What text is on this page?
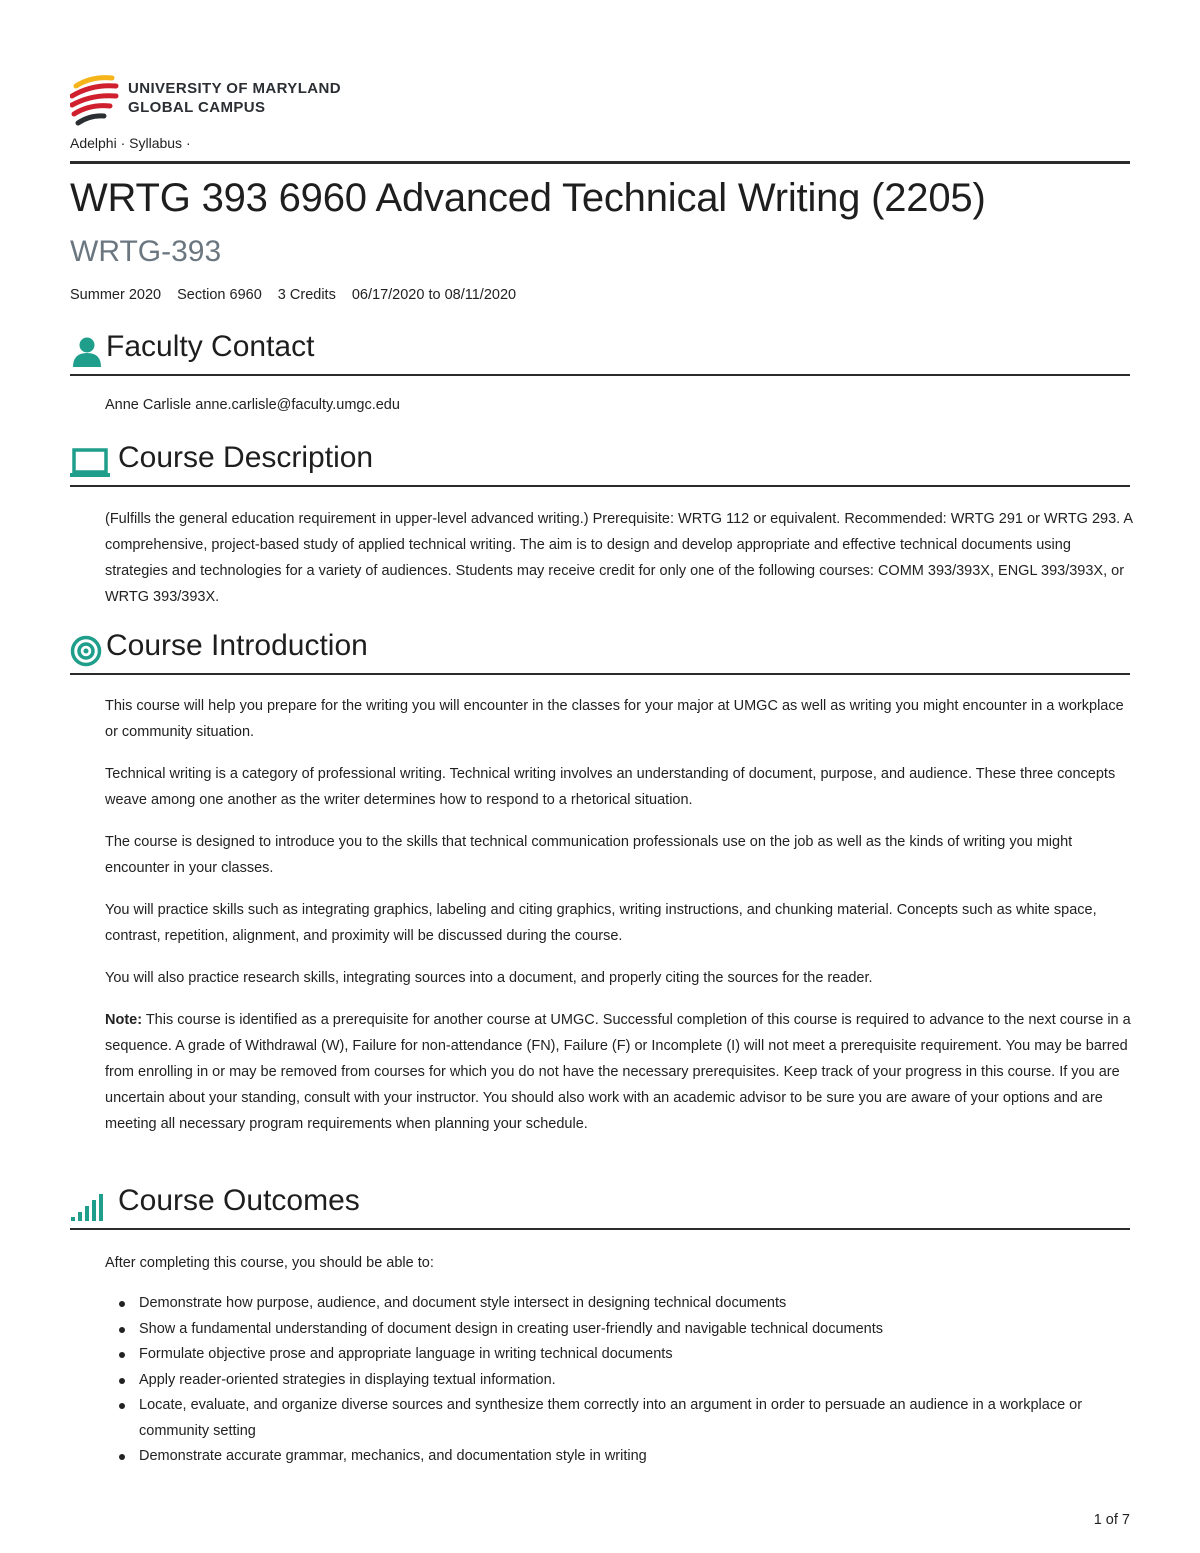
UNIVERSITY OF MARYLAND
GLOBAL CAMPUS
Adelphi · Syllabus ·
WRTG 393 6960 Advanced Technical Writing (2205)
WRTG-393
Summer 2020 Section 6960 3 Credits 06/17/2020 to 08/11/2020
Faculty Contact
Anne Carlisle anne.carlisle@faculty.umgc.edu
Course Description

(Fulfills the general education requirement in upper-level advanced writing.) Prerequisite: WRTG 112 or equivalent. Recommended: WRTG 291 or WRTG 293. A comprehensive, project-based study of applied technical writing. The aim is to design and develop appropriate and effective technical documents using strategies and technologies for a variety of audiences. Students may receive credit for only one of the following courses: COMM 393/393X, ENGL 393/393X, or WRTG 393/393X.

Course Introduction

This course will help you prepare for the writing you will encounter in the classes for your major at UMGC as well as writing you might encounter in a workplace or community situation.

Technical writing is a category of professional writing. Technical writing involves an understanding of document, purpose, and audience. These three concepts weave among one another as the writer determines how to respond to a rhetorical situation.

The course is designed to introduce you to the skills that technical communication professionals use on the job as well as the kinds of writing you might encounter in your classes.

You will practice skills such as integrating graphics, labeling and citing graphics, writing instructions, and chunking material. Concepts such as white space, contrast, repetition, alignment, and proximity will be discussed during the course.

You will also practice research skills, integrating sources into a document, and properly citing the sources for the reader.

Note: This course is identified as a prerequisite for another course at UMGC. Successful completion of this course is required to advance to the next course in a sequence. A grade of Withdrawal (W), Failure for non-attendance (FN), Failure (F) or Incomplete (I) will not meet a prerequisite requirement. You may be barred from enrolling in or may be removed from courses for which you do not have the necessary prerequisites. Keep track of your progress in this course. If you are uncertain about your standing, consult with your instructor. You should also work with an academic advisor to be sure you are aware of your options and are meeting all necessary program requirements when planning your schedule.

Course Outcomes

After completing this course, you should be able to:

Demonstrate how purpose, audience, and document style intersect in designing technical documents
Show a fundamental understanding of document design in creating user-friendly and navigable technical documents
Formulate objective prose and appropriate language in writing technical documents
Apply reader-oriented strategies in displaying textual information.
Locate, evaluate, and organize diverse sources and synthesize them correctly into an argument in order to persuade an audience in a workplace or community setting
Demonstrate accurate grammar, mechanics, and documentation style in writing
1 of 7
